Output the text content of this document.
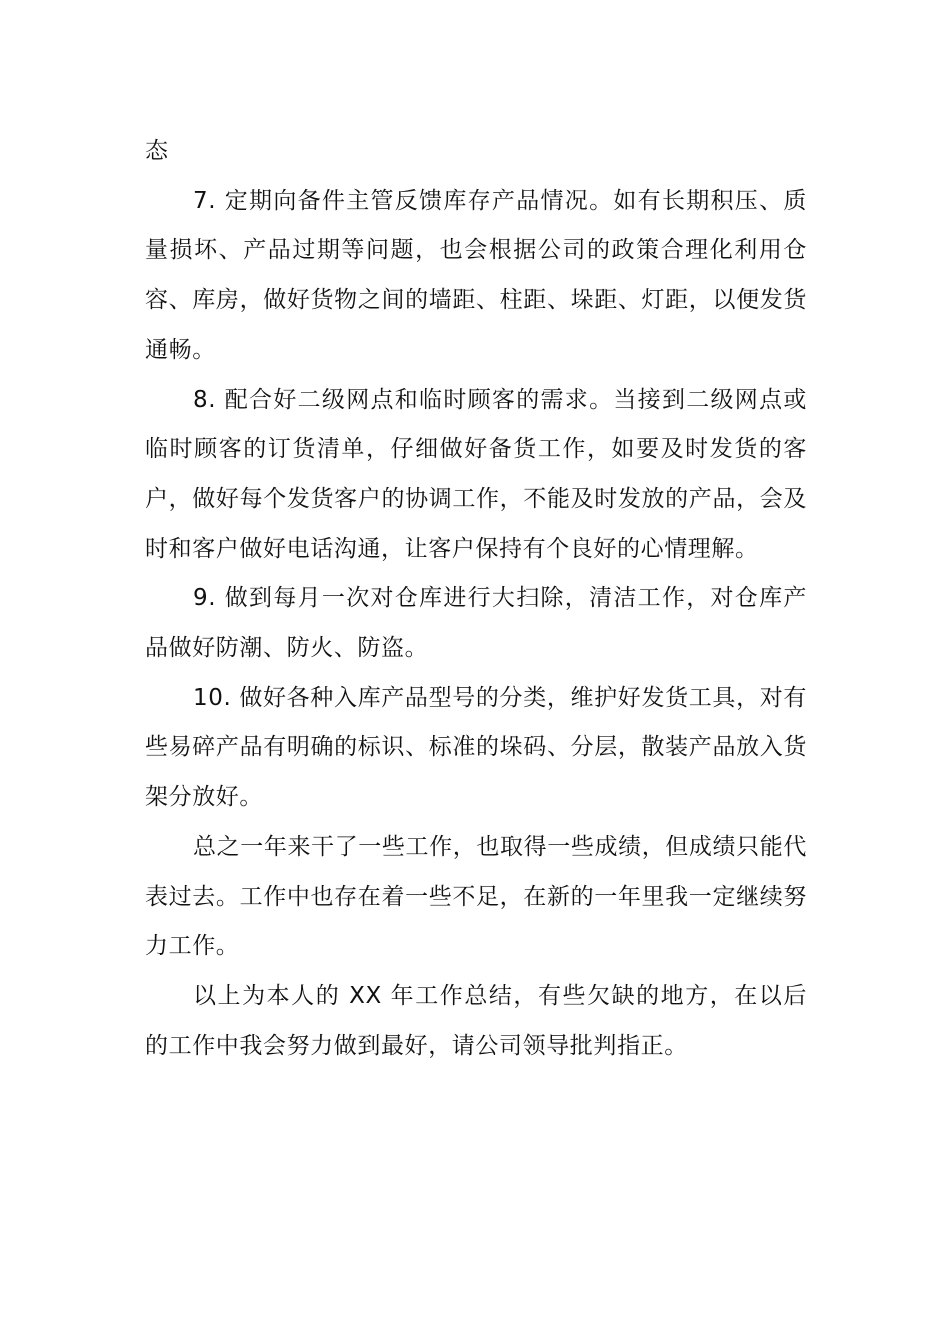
态

7. 定期向备件主管反馈库存产品情况。如有长期积压、质量损坏、产品过期等问题，也会根据公司的政策合理化利用仓容、库房，做好货物之间的墙距、柱距、垛距、灯距，以便发货通畅。

8. 配合好二级网点和临时顾客的需求。当接到二级网点或临时顾客的订货清单，仔细做好备货工作，如要及时发货的客户，做好每个发货客户的协调工作，不能及时发放的产品，会及时和客户做好电话沟通，让客户保持有个良好的心情理解。

9. 做到每月一次对仓库进行大扫除，清洁工作，对仓库产品做好防潮、防火、防盗。

10. 做好各种入库产品型号的分类，维护好发货工具，对有些易碎产品有明确的标识、标准的垛码、分层，散装产品放入货架分放好。

总之一年来干了一些工作，也取得一些成绩，但成绩只能代表过去。工作中也存在着一些不足，在新的一年里我一定继续努力工作。

以上为本人的 XX 年工作总结，有些欠缺的地方，在以后的工作中我会努力做到最好，请公司领导批判指正。
